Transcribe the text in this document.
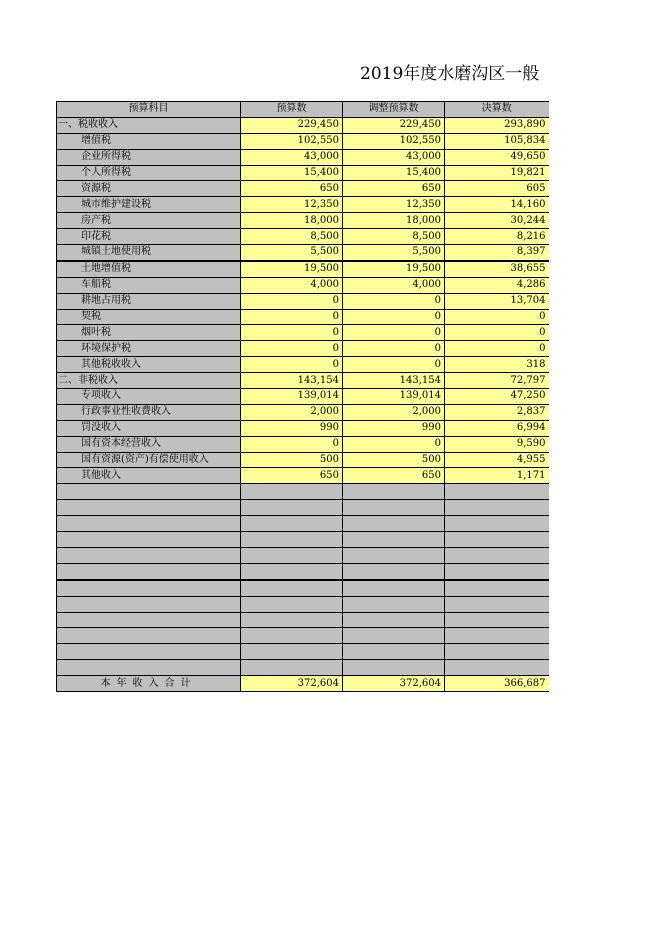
2019年度水磨沟区一般
预算科目	预算数	调整预算数	决算数
一、税收收入	229,450	229,450	293,890
增值税	102,550	102,550	105,834
企业所得税	43,000	43,000	49,650
个人所得税	15,400	15,400	19,821
资源税	650	650	605
城市维护建设税	12,350	12,350	14,160
房产税	18,000	18,000	30,244
印花税	8,500	8,500	8,216
城镇土地使用税	5,500	5,500	8,397
土地增值税	19,500	19,500	38,655
车船税	4,000	4,000	4,286
耕地占用税	0	0	13,704
契税	0	0	0
烟叶税	0	0	0
环境保护税	0	0	0
其他税收收入	0	0	318
二、非税收入	143,154	143,154	72,797
专项收入	139,014	139,014	47,250
行政事业性收费收入	2,000	2,000	2,837
罚没收入	990	990	6,994
国有资本经营收入	0	0	9,590
国有资源(资产)有偿使用收入	500	500	4,955
其他收入	650	650	1,171

本年收入合计	372,604	372,604	366,687
